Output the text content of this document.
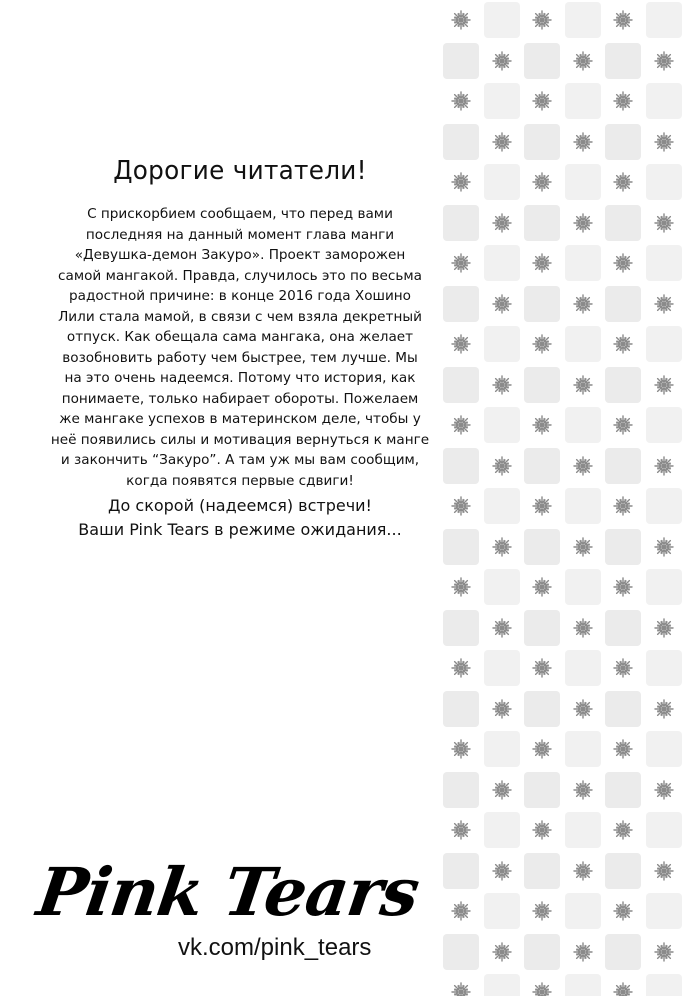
Дорогие читатели!
С прискорбием сообщаем, что перед вами
последняя на данный момент глава манги
«Девушка-демон Закуро». Проект заморожен
самой мангакой. Правда, случилось это по весьма
радостной причине: в конце 2016 года Хошино
Лили стала мамой, в связи с чем взяла декретный
отпуск. Как обещала сама мангака, она желает
возобновить работу чем быстрее, тем лучше. Мы
на это очень надеемся. Потому что история, как
понимаете, только набирает обороты. Пожелаем
же мангаке успехов в материнском деле, чтобы у
неё появились силы и мотивация вернуться к манге
и закончить “Закуро”. А там уж мы вам сообщим,
когда появятся первые сдвиги!
До скорой (надеемся) встречи!
Ваши Pink Tears в режиме ожидания...
Pink Tears
vk.com/pink_tears
